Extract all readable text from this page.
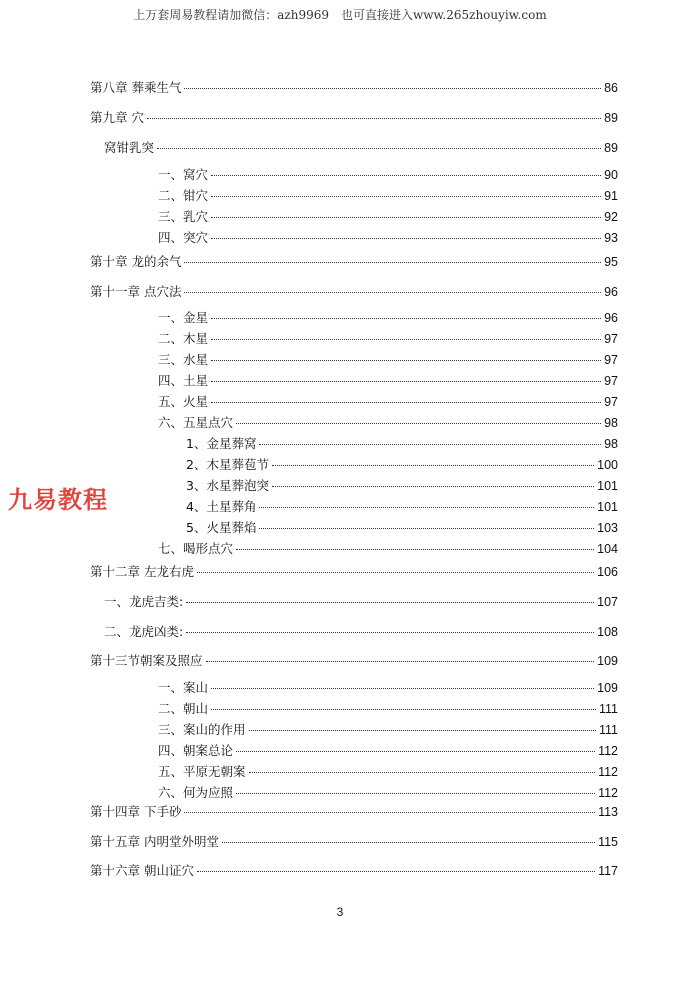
上万套周易教程请加微信：azh9969　也可直接进入www.265zhouyiw.com
第八章 葬乘生气	86
第九章 穴	89
窝钳乳突	89
一、窝穴	90
二、钳穴	91
三、乳穴	92
四、突穴	93
第十章 龙的余气	95
第十一章 点穴法	96
一、金星	96
二、木星	97
三、水星	97
四、土星	97
五、火星	97
六、五星点穴	98
1、金星葬窝	98
2、木星葬苞节	100
3、水星葬泡突	101
4、土星葬角	101
5、火星葬焰	103
七、喝形点穴	104
第十二章 左龙右虎	106
一、龙虎吉类:	107
二、龙虎凶类:	108
第十三节朝案及照应	109
一、案山	109
二、朝山	111
三、案山的作用	111
四、朝案总论	112
五、平原无朝案	112
六、何为应照	112
第十四章 下手砂	113
第十五章 内明堂外明堂	115
第十六章 朝山证穴	117
九易教程
3
